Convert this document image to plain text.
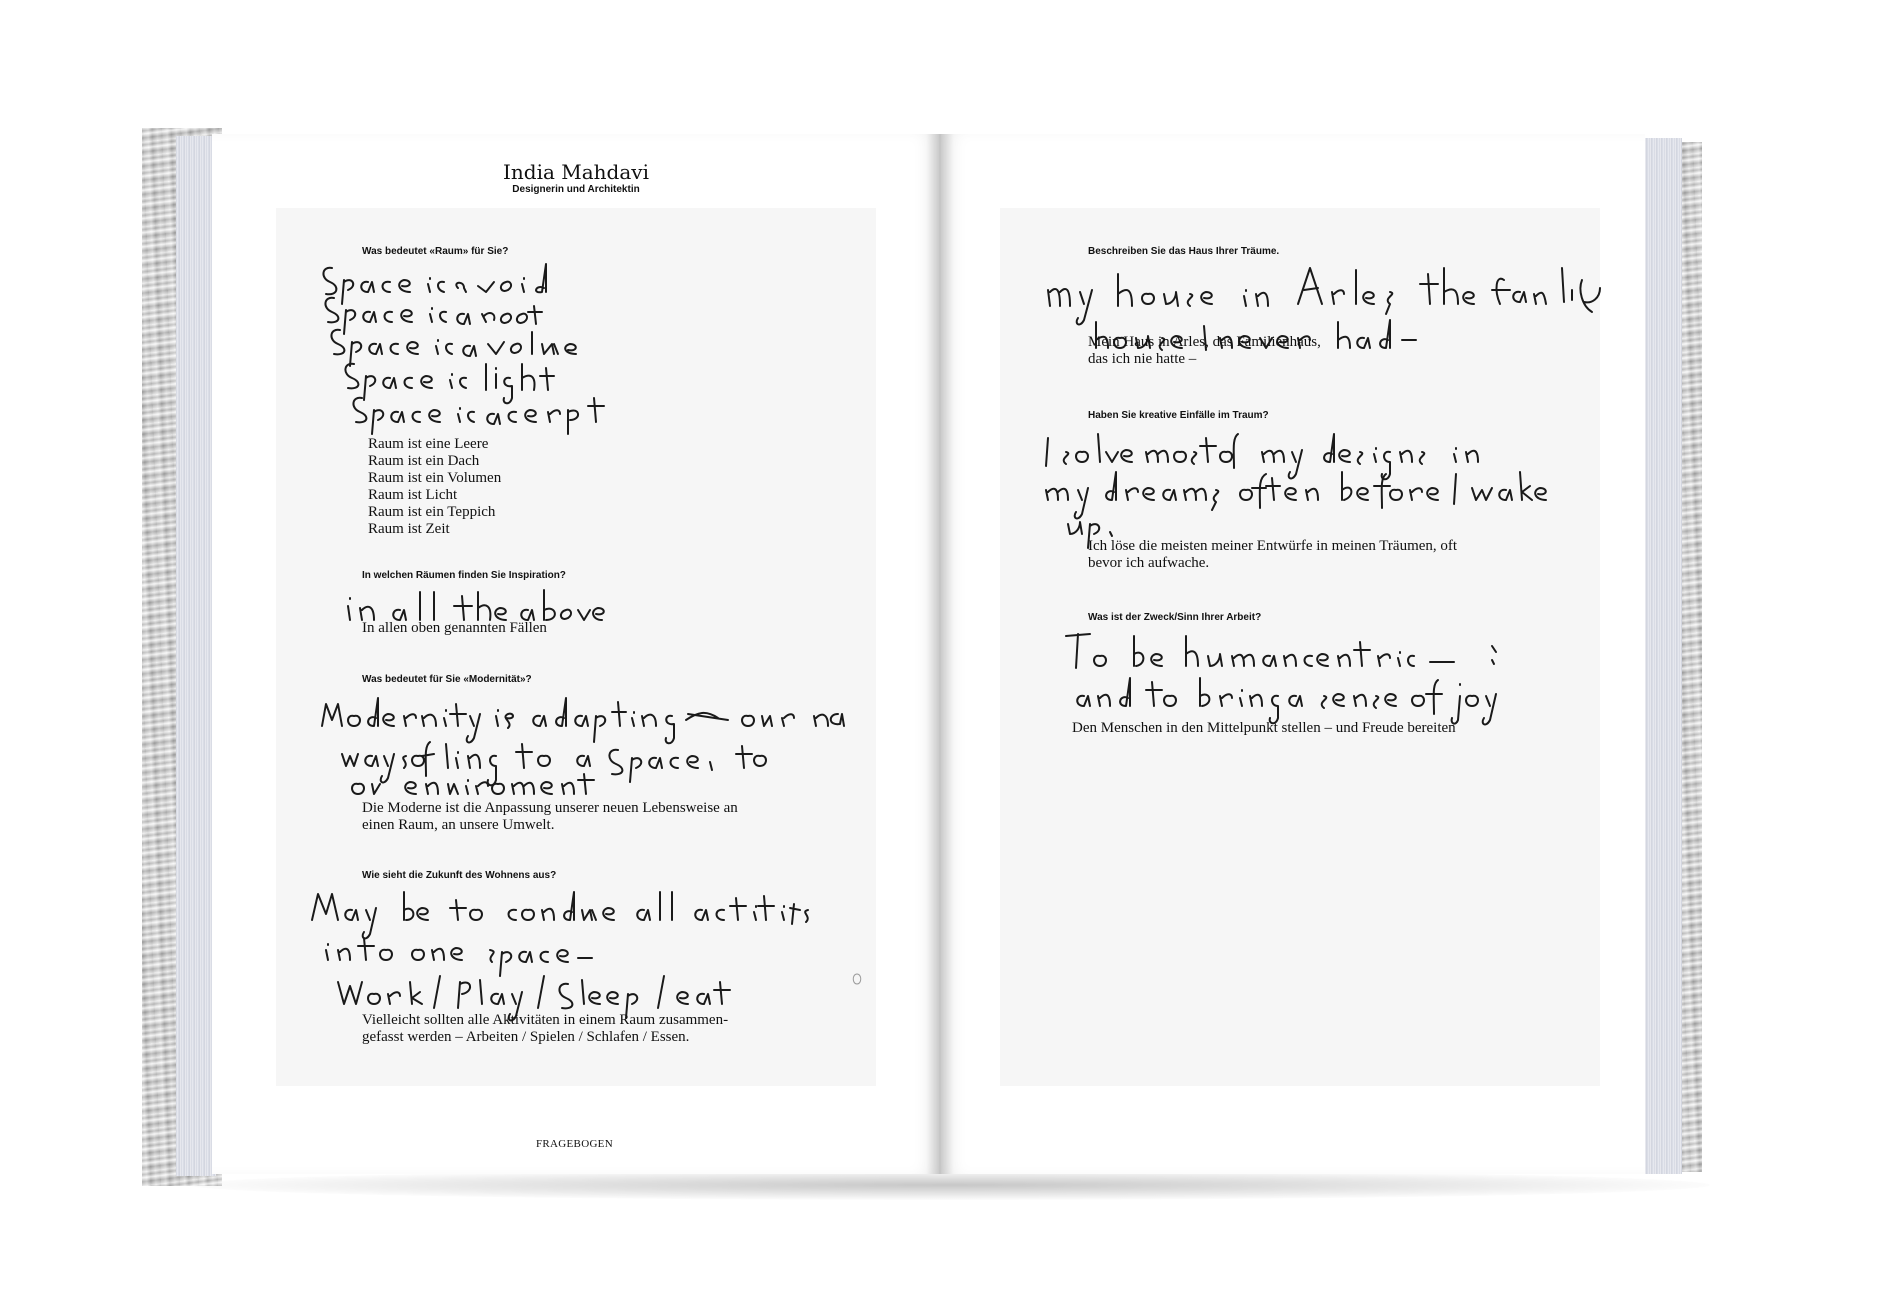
India Mahdavi
Designerin und Architektin
Was bedeutet «Raum» für Sie?
Raum ist eine Leere
Raum ist ein Dach
Raum ist ein Volumen
Raum ist Licht
Raum ist ein Teppich
Raum ist Zeit
In welchen Räumen finden Sie Inspiration?
In allen oben genannten Fällen
Was bedeutet für Sie «Modernität»?
Die Moderne ist die Anpassung unserer neuen Lebensweise an
einen Raum, an unsere Umwelt.
Wie sieht die Zukunft des Wohnens aus?
Vielleicht sollten alle Aktivitäten in einem Raum zusammen-
gefasst werden – Arbeiten / Spielen / Schlafen / Essen.
FRAGEBOGEN
Beschreiben Sie das Haus Ihrer Träume.
Mein Haus in Arles, das Familienhaus,
das ich nie hatte –
Haben Sie kreative Einfälle im Traum?
Ich löse die meisten meiner Entwürfe in meinen Träumen, oft
bevor ich aufwache.
Was ist der Zweck/Sinn Ihrer Arbeit?
Den Menschen in den Mittelpunkt stellen – und Freude bereiten
